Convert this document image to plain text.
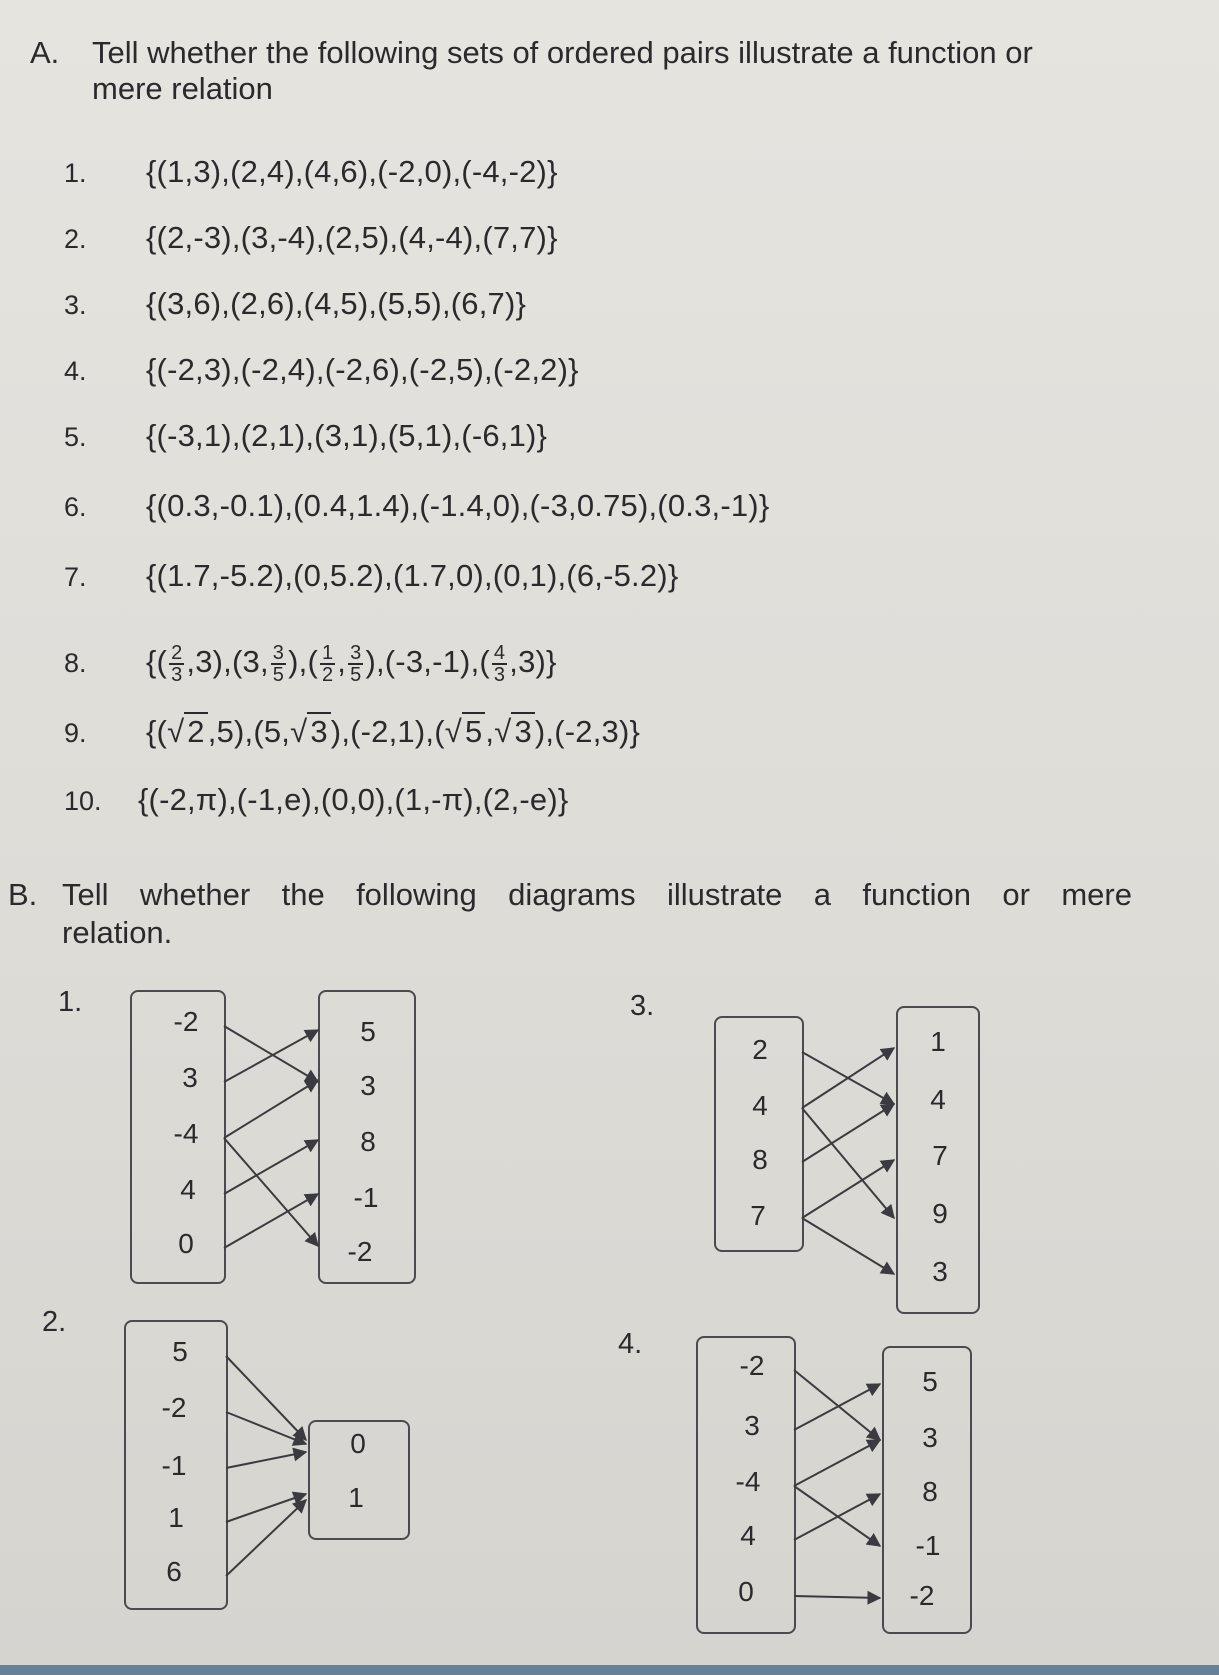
A. Tell whether the following sets of ordered pairs illustrate a function or
mere relation
1. {(1,3),(2,4),(4,6),(-2,0),(-4,-2)}
2. {(2,-3),(3,-4),(2,5),(4,-4),(7,7)}
3. {(3,6),(2,6),(4,5),(5,5),(6,7)}
4. {(-2,3),(-2,4),(-2,6),(-2,5),(-2,2)}
5. {(-3,1),(2,1),(3,1),(5,1),(-6,1)}
6. {(0.3,-0.1),(0.4,1.4),(-1.4,0),(-3,0.75),(0.3,-1)}
7. {(1.7,-5.2),(0,5.2),(1.7,0),(0,1),(6,-5.2)}
8. {( $\frac{2}{3} ,3),(3$, $\frac{3}{5}$ ),( $\frac{1}{2}$ , $\frac{3}{5} ),(-3,-1),( \frac{4}{3} ,3)$}
9. {(√2,5),(5,√3),(-2,1),(√5,√3),(-2,3)}
10. {(-2,π),(-1,e),(0,0),(1,-π),(2,-e)}
B. Tell whether the following diagrams illustrate a function or mere
relation.
1.
2.
3.
4.
-2
3
-4
4
0
5
3
8
-1
-2
5
-2
-1
1
6
0
1
2
4
8
7
1
4
7
9
3
-2
3
-4
4
0
5
3
8
-1
-2
